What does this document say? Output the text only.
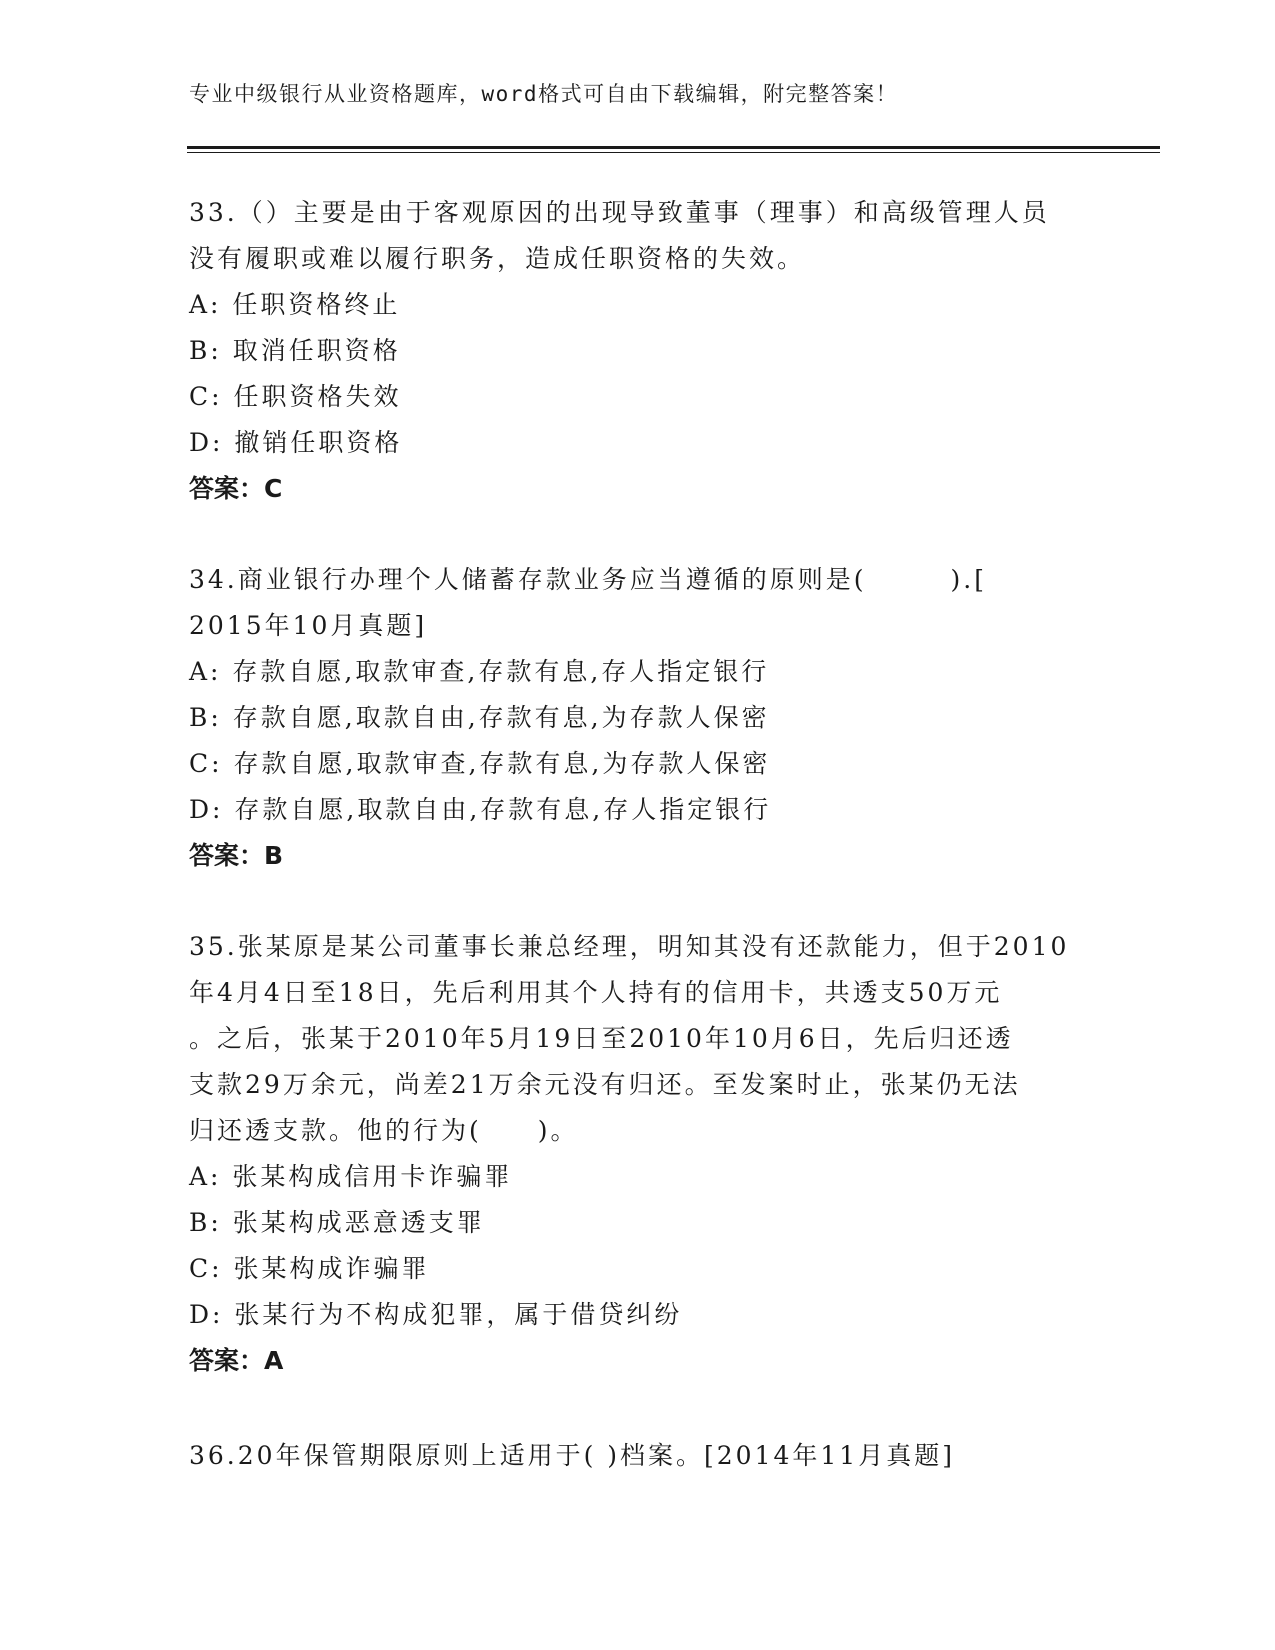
专业中级银行从业资格题库，word格式可自由下载编辑，附完整答案！
33.（）主要是由于客观原因的出现导致董事（理事）和高级管理人员
没有履职或难以履行职务，造成任职资格的失效。
A: 任职资格终止
B: 取消任职资格
C: 任职资格失效
D: 撤销任职资格
答案：C
34.商业银行办理个人储蓄存款业务应当遵循的原则是(　　　).[
2015年10月真题]
A: 存款自愿,取款审查,存款有息,存人指定银行
B: 存款自愿,取款自由,存款有息,为存款人保密
C: 存款自愿,取款审查,存款有息,为存款人保密
D: 存款自愿,取款自由,存款有息,存人指定银行
答案：B
35.张某原是某公司董事长兼总经理，明知其没有还款能力，但于2010
年4月4日至18日，先后利用其个人持有的信用卡，共透支50万元
。之后，张某于2010年5月19日至2010年10月6日，先后归还透
支款29万余元，尚差21万余元没有归还。至发案时止，张某仍无法
归还透支款。他的行为(　　)。
A: 张某构成信用卡诈骗罪
B: 张某构成恶意透支罪
C: 张某构成诈骗罪
D: 张某行为不构成犯罪，属于借贷纠纷
答案：A
36.20年保管期限原则上适用于( )档案。[2014年11月真题]
